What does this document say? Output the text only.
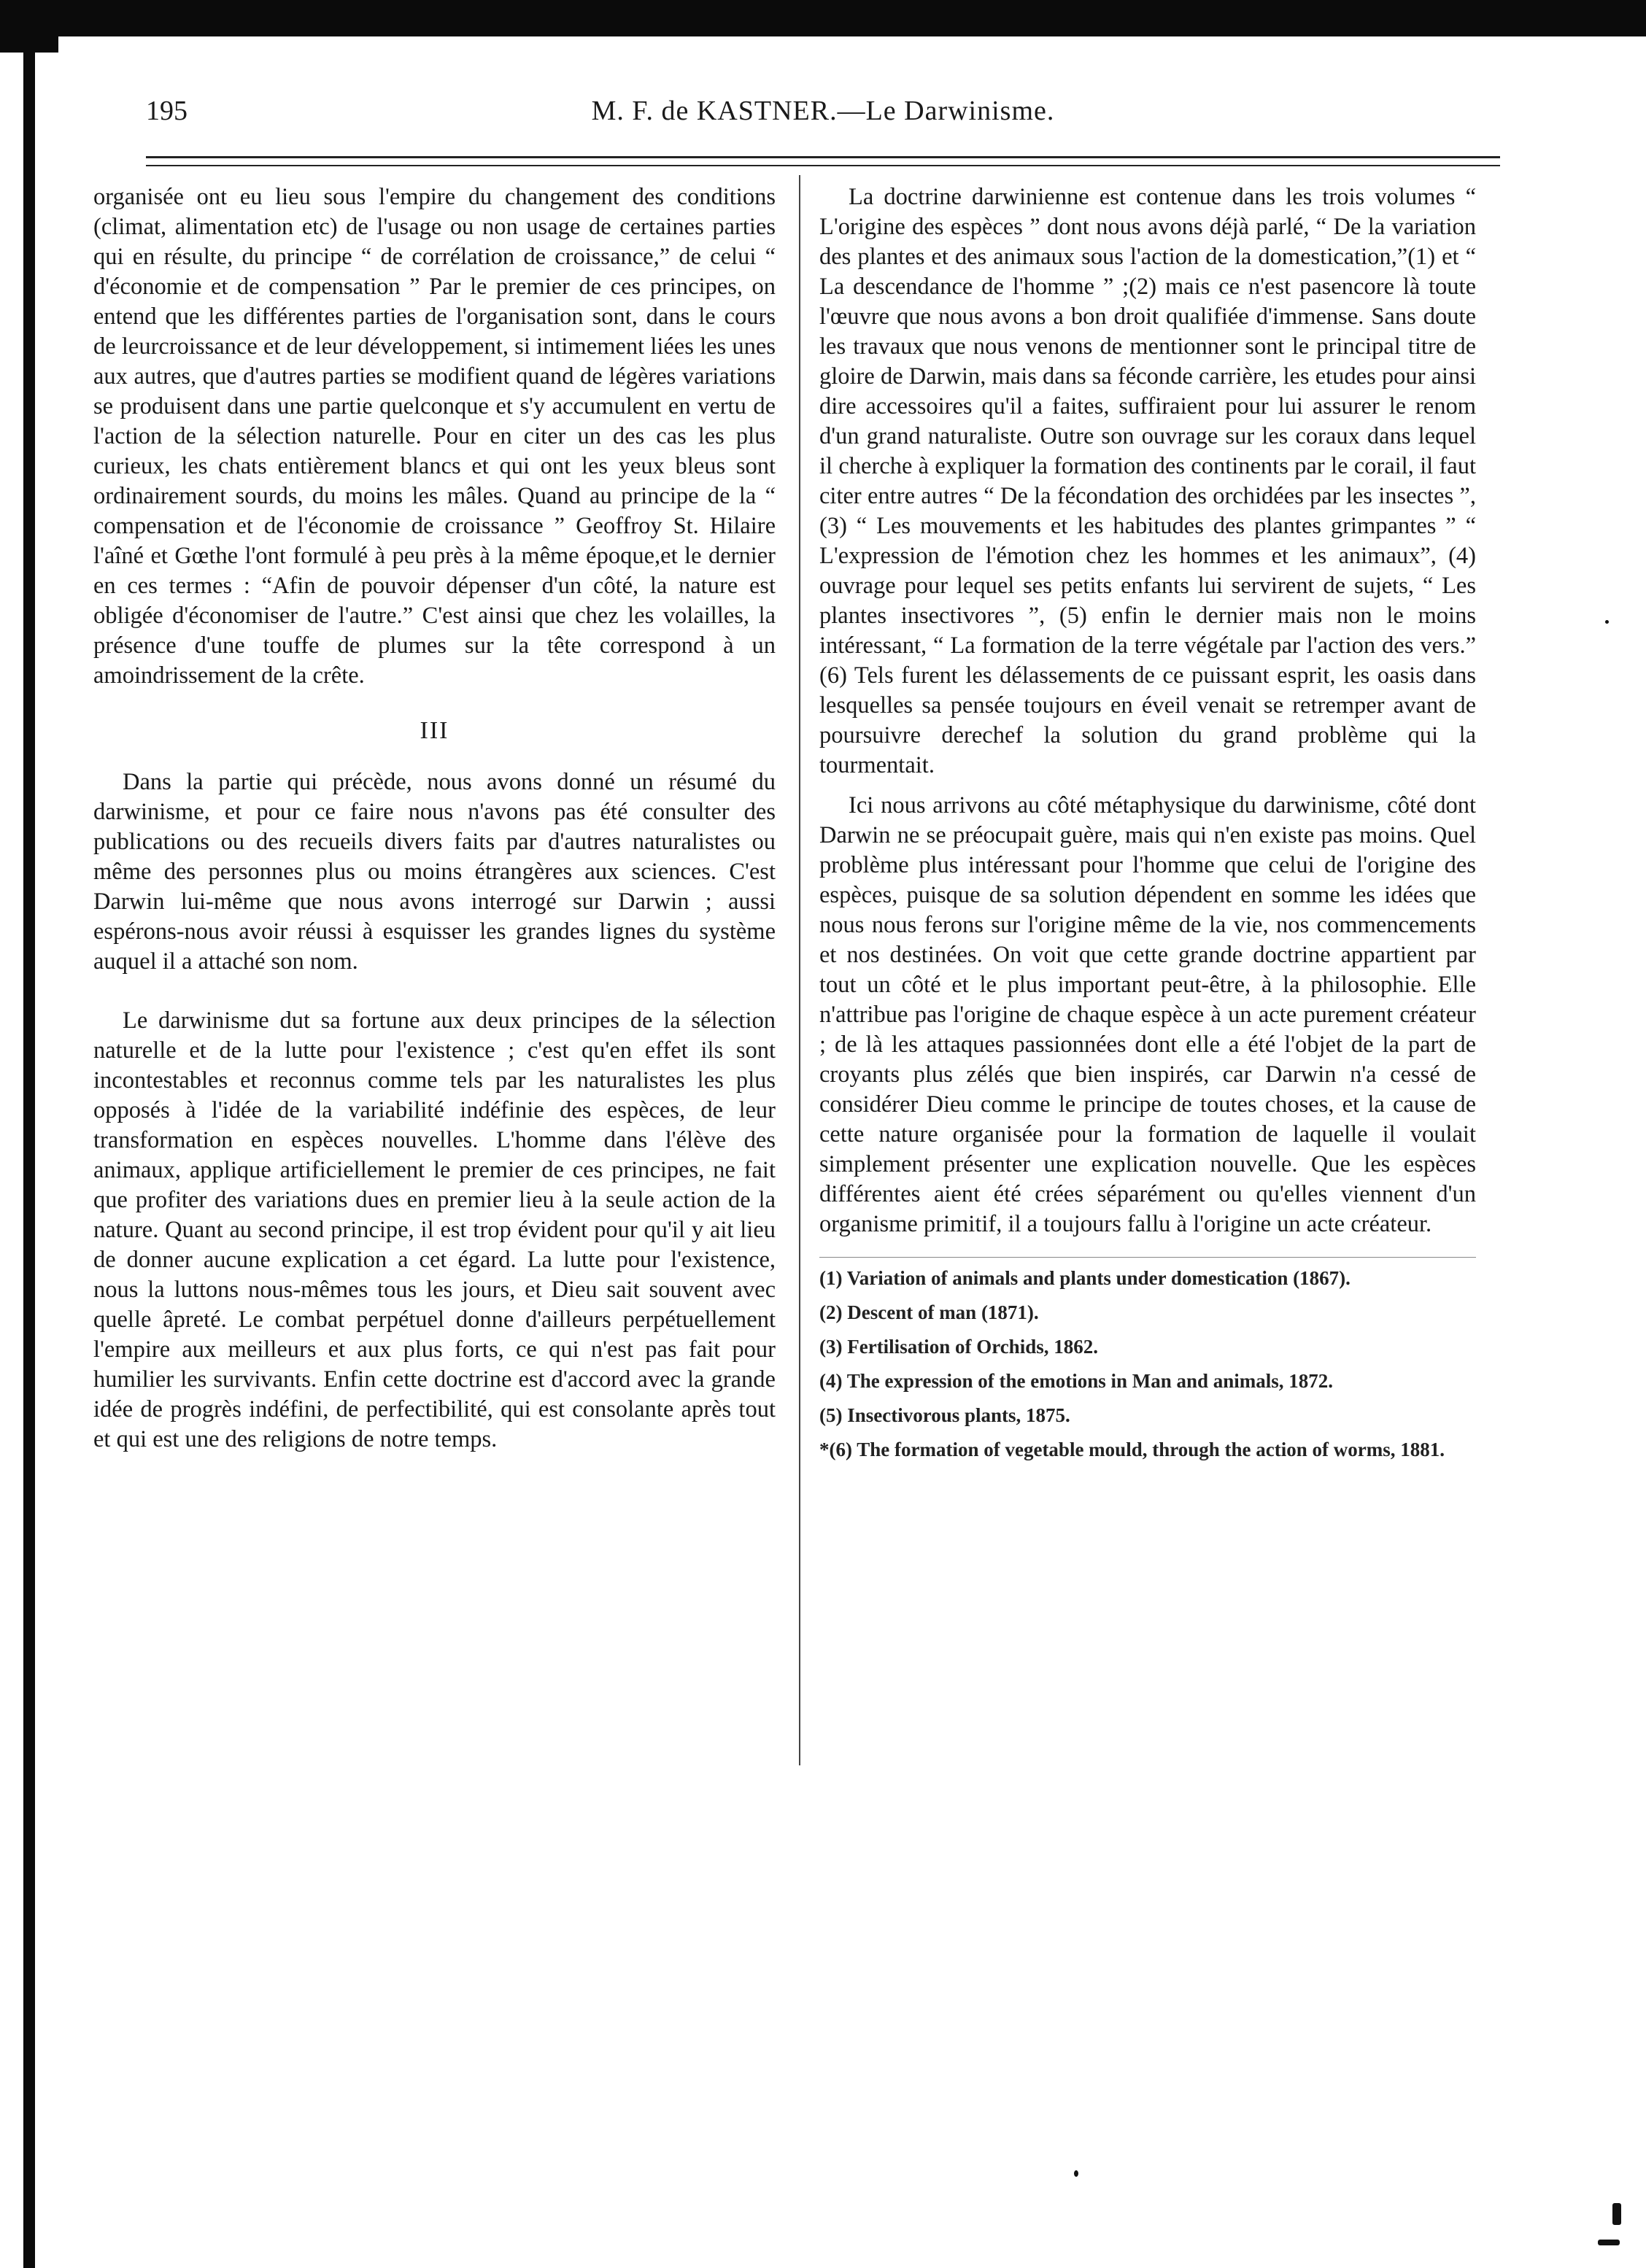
195	M. F. de KASTNER.—Le Darwinisme.

organisée ont eu lieu sous l'empire du changement des conditions (climat, alimentation etc) de l'usage ou non usage de certaines parties qui en résulte, du principe “ de corrélation de croissance,” de celui “ d'économie et de compensation ” Par le premier de ces principes, on entend que les différentes parties de l'organisation sont, dans le cours de leurcroissance et de leur développement, si intimement liées les unes aux autres, que d'autres parties se modifient quand de légères variations se produisent dans une partie quelconque et s'y accumulent en vertu de l'action de la sélection naturelle. Pour en citer un des cas les plus curieux, les chats entièrement blancs et qui ont les yeux bleus sont ordinairement sourds, du moins les mâles. Quand au principe de la “ compensation et de l'économie de croissance ” Geoffroy St. Hilaire l'aîné et Gœthe l'ont formulé à peu près à la même époque,et le dernier en ces termes : “Afin de pouvoir dépenser d'un côté, la nature est obligée d'économiser de l'autre.” C'est ainsi que chez les volailles, la présence d'une touffe de plumes sur la tête correspond à un amoindrissement de la crête.

III

Dans la partie qui précède, nous avons donné un résumé du darwinisme, et pour ce faire nous n'avons pas été consulter des publications ou des recueils divers faits par d'autres naturalistes ou même des personnes plus ou moins étrangères aux sciences. C'est Darwin lui-même que nous avons interrogé sur Darwin ; aussi espérons-nous avoir réussi à esquisser les grandes lignes du système auquel il a attaché son nom.

Le darwinisme dut sa fortune aux deux principes de la sélection naturelle et de la lutte pour l'existence ; c'est qu'en effet ils sont incontestables et reconnus comme tels par les naturalistes les plus opposés à l'idée de la variabilité indéfinie des espèces, de leur transformation en espèces nouvelles. L'homme dans l'élève des animaux, applique artificiellement le premier de ces principes, ne fait que profiter des variations dues en premier lieu à la seule action de la nature. Quant au second principe, il est trop évident pour qu'il y ait lieu de donner aucune explication a cet égard. La lutte pour l'existence, nous la luttons nous-mêmes tous les jours, et Dieu sait souvent avec quelle âpreté. Le combat perpétuel donne d'ailleurs perpétuellement l'empire aux meilleurs et aux plus forts, ce qui n'est pas fait pour humilier les survivants. Enfin cette doctrine est d'accord avec la grande idée de progrès indéfini, de perfectibilité, qui est consolante après tout et qui est une des religions de notre temps.

La doctrine darwinienne est contenue dans les trois volumes “ L'origine des espèces ” dont nous avons déjà parlé, “ De la variation des plantes et des animaux sous l'action de la domestication,”(1) et “ La descendance de l'homme ” ;(2) mais ce n'est pasencore là toute l'œuvre que nous avons a bon droit qualifiée d'immense. Sans doute les travaux que nous venons de mentionner sont le principal titre de gloire de Darwin, mais dans sa féconde carrière, les etudes pour ainsi dire accessoires qu'il a faites, suffiraient pour lui assurer le renom d'un grand naturaliste. Outre son ouvrage sur les coraux dans lequel il cherche à expliquer la formation des continents par le corail, il faut citer entre autres “ De la fécondation des orchidées par les insectes ”, (3) “ Les mouvements et les habitudes des plantes grimpantes ” “ L'expression de l'émotion chez les hommes et les animaux”, (4) ouvrage pour lequel ses petits enfants lui servirent de sujets, “ Les plantes insectivores ”, (5) enfin le dernier mais non le moins intéressant, “ La formation de la terre végétale par l'action des vers.” (6) Tels furent les délassements de ce puissant esprit, les oasis dans lesquelles sa pensée toujours en éveil venait se retremper avant de poursuivre derechef la solution du grand problème qui la tourmentait.

Ici nous arrivons au côté métaphysique du darwinisme, côté dont Darwin ne se préocupait guère, mais qui n'en existe pas moins. Quel problème plus intéressant pour l'homme que celui de l'origine des espèces, puisque de sa solution dépendent en somme les idées que nous nous ferons sur l'origine même de la vie, nos commencements et nos destinées. On voit que cette grande doctrine appartient par tout un côté et le plus important peut-être, à la philosophie. Elle n'attribue pas l'origine de chaque espèce à un acte purement créateur ; de là les attaques passionnées dont elle a été l'objet de la part de croyants plus zélés que bien inspirés, car Darwin n'a cessé de considérer Dieu comme le principe de toutes choses, et la cause de cette nature organisée pour la formation de laquelle il voulait simplement présenter une explication nouvelle. Que les espèces différentes aient été crées séparément ou qu'elles viennent d'un organisme primitif, il a toujours fallu à l'origine un acte créateur.

(1) Variation of animals and plants under domestication (1867).

(2) Descent of man (1871).

(3) Fertilisation of Orchids, 1862.

(4) The expression of the emotions in Man and animals, 1872.

(5) Insectivorous plants, 1875.

*(6) The formation of vegetable mould, through the action of worms, 1881.
